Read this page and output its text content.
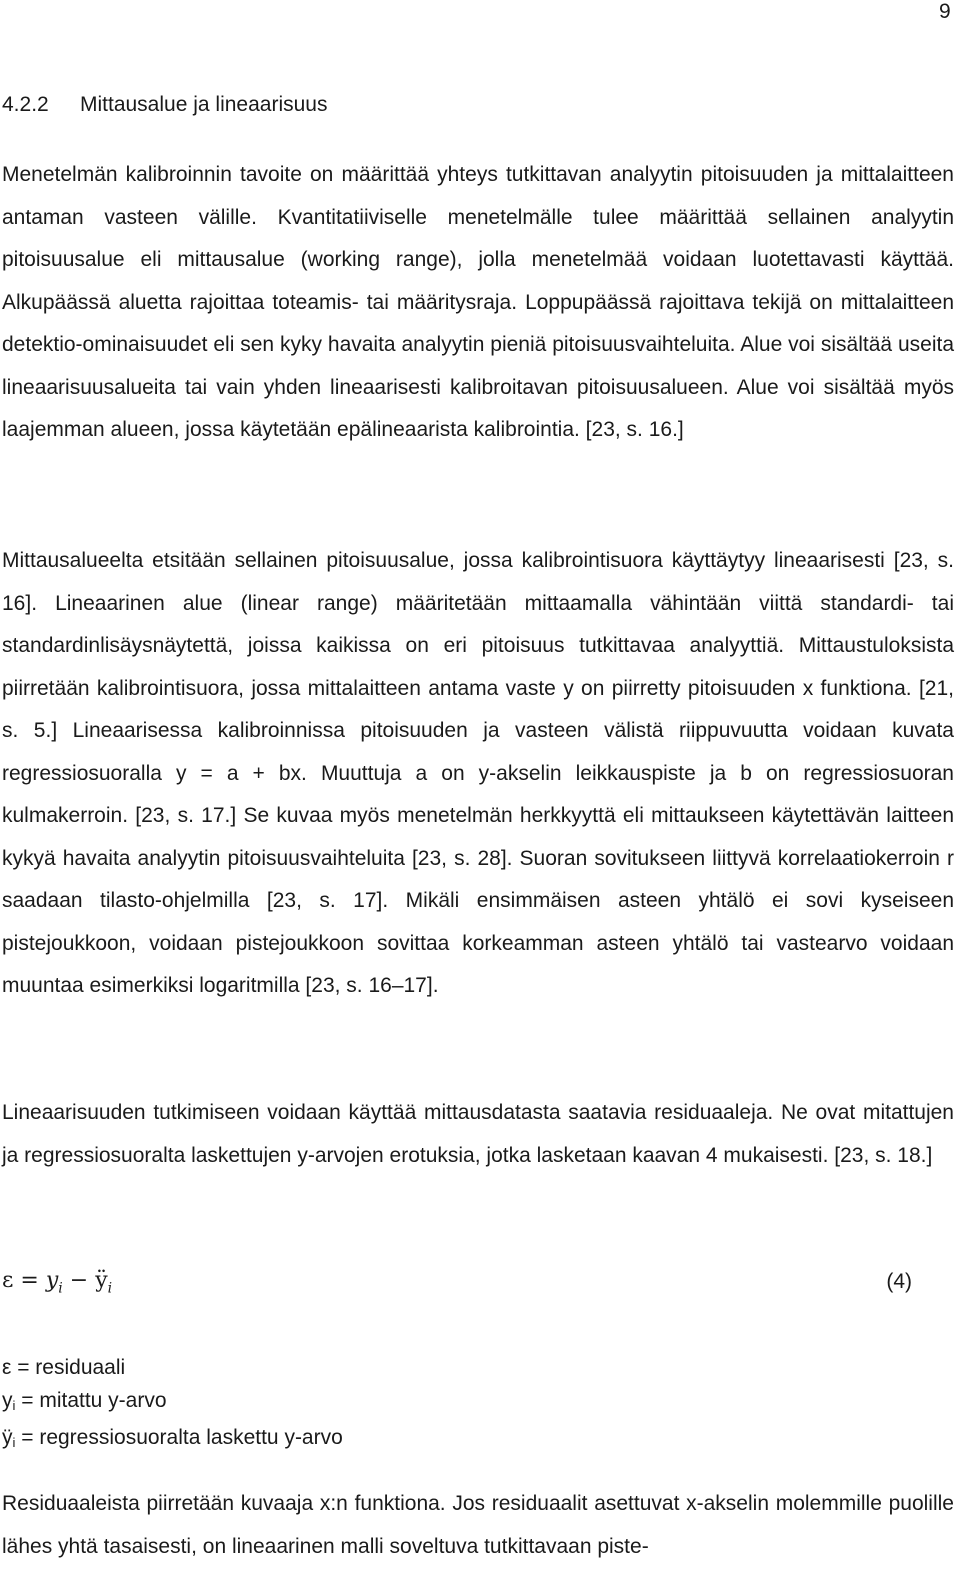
9
4.2.2 Mittausalue ja lineaarisuus

Menetelmän kalibroinnin tavoite on määrittää yhteys tutkittavan analyytin pitoisuuden ja mittalaitteen antaman vasteen välille. Kvantitatiiviselle menetelmälle tulee määrittää sellainen analyytin pitoisuusalue eli mittausalue (working range), jolla menetelmää voidaan luotettavasti käyttää. Alkupäässä aluetta rajoittaa toteamis- tai määritysraja. Loppupäässä rajoittava tekijä on mittalaitteen detektio-ominaisuudet eli sen kyky havaita analyytin pieniä pitoisuusvaihteluita. Alue voi sisältää useita lineaarisuusalueita tai vain yhden lineaarisesti kalibroitavan pitoisuusalueen. Alue voi sisältää myös laajemman alueen, jossa käytetään epälineaarista kalibrointia. [23, s. 16.]

Mittausalueelta etsitään sellainen pitoisuusalue, jossa kalibrointisuora käyttäytyy lineaarisesti [23, s. 16]. Lineaarinen alue (linear range) määritetään mittaamalla vähintään viittä standardi- tai standardinlisäysnäytettä, joissa kaikissa on eri pitoisuus tutkittavaa analyyttiä. Mittaustuloksista piirretään kalibrointisuora, jossa mittalaitteen antama vaste y on piirretty pitoisuuden x funktiona. [21, s. 5.] Lineaarisessa kalibroinnissa pitoisuuden ja vasteen välistä riippuvuutta voidaan kuvata regressiosuoralla y = a + bx. Muuttuja a on y-akselin leikkauspiste ja b on regressiosuoran kulmakerroin. [23, s. 17.] Se kuvaa myös menetelmän herkkyyttä eli mittaukseen käytettävän laitteen kykyä havaita analyytin pitoisuusvaihteluita [23, s. 28]. Suoran sovitukseen liittyvä korrelaatiokerroin r saadaan tilasto-ohjelmilla [23, s. 17]. Mikäli ensimmäisen asteen yhtälö ei sovi kyseiseen pistejoukkoon, voidaan pistejoukkoon sovittaa korkeamman asteen yhtälö tai vastearvo voidaan muuntaa esimerkiksi logaritmilla [23, s. 16–17].

Lineaarisuuden tutkimiseen voidaan käyttää mittausdatasta saatavia residuaaleja. Ne ovat mitattujen ja regressiosuoralta laskettujen y-arvojen erotuksia, jotka lasketaan kaavan 4 mukaisesti. [23, s. 18.]

$\varepsilon = y_i$ − $ÿ_i$	(4)
ε = residuaali
$y_i$ = mitattu y-arvo
$ÿ_i$ = regressiosuoralta laskettu y-arvo

Residuaaleista piirretään kuvaaja x:n funktiona. Jos residuaalit asettuvat x-akselin molemmille puolille lähes yhtä tasaisesti, on lineaarinen malli soveltuva tutkittavaan piste-
